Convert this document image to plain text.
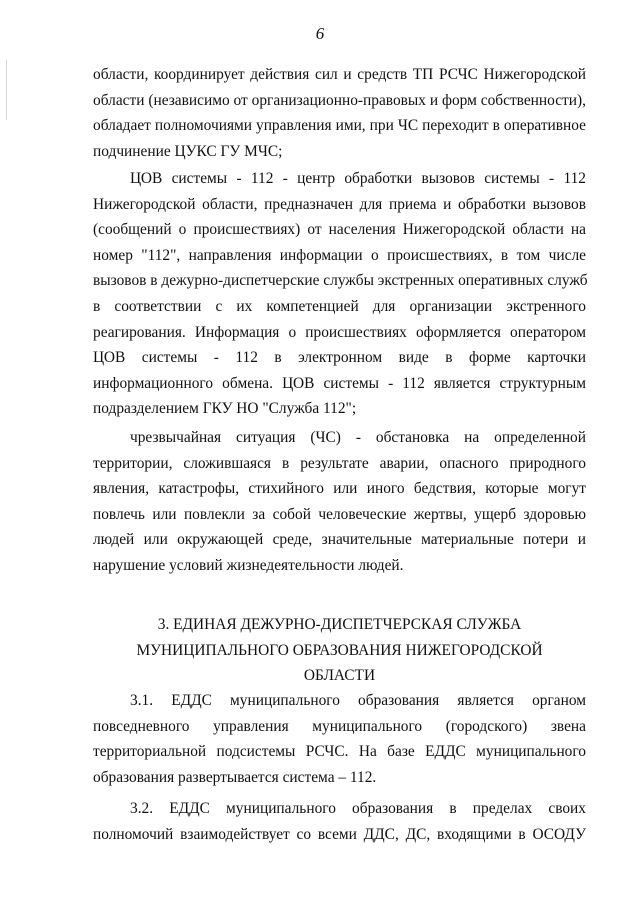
6
области, координирует действия сил и средств ТП РСЧС Нижегородской
области (независимо от организационно-правовых и форм собственности),
обладает полномочиями управления ими, при ЧС переходит в оперативное
подчинение ЦУКС ГУ МЧС;
ЦОВ системы - 112 - центр обработки вызовов системы - 112
Нижегородской области, предназначен для приема и обработки вызовов
(сообщений о происшествиях) от населения Нижегородской области на
номер "112", направления информации о происшествиях, в том числе
вызовов в дежурно-диспетчерские службы экстренных оперативных служб
в соответствии с их компетенцией для организации экстренного
реагирования. Информация о происшествиях оформляется оператором
ЦОВ системы - 112 в электронном виде в форме карточки
информационного обмена. ЦОВ системы - 112 является структурным
подразделением ГКУ НО "Служба 112";
чрезвычайная ситуация (ЧС) - обстановка на определенной
территории, сложившаяся в результате аварии, опасного природного
явления, катастрофы, стихийного или иного бедствия, которые могут
повлечь или повлекли за собой человеческие жертвы, ущерб здоровью
людей или окружающей среде, значительные материальные потери и
нарушение условий жизнедеятельности людей.
3. ЕДИНАЯ ДЕЖУРНО-ДИСПЕТЧЕРСКАЯ СЛУЖБА
МУНИЦИПАЛЬНОГО ОБРАЗОВАНИЯ НИЖЕГОРОДСКОЙ
ОБЛАСТИ
3.1. ЕДДС муниципального образования является органом
повседневного управления муниципального (городского) звена
территориальной подсистемы РСЧС. На базе ЕДДС муниципального
образования развертывается система – 112.
3.2. ЕДДС муниципального образования в пределах своих
полномочий взаимодействует со всеми ДДС, ДС, входящими в ОСОДУ
